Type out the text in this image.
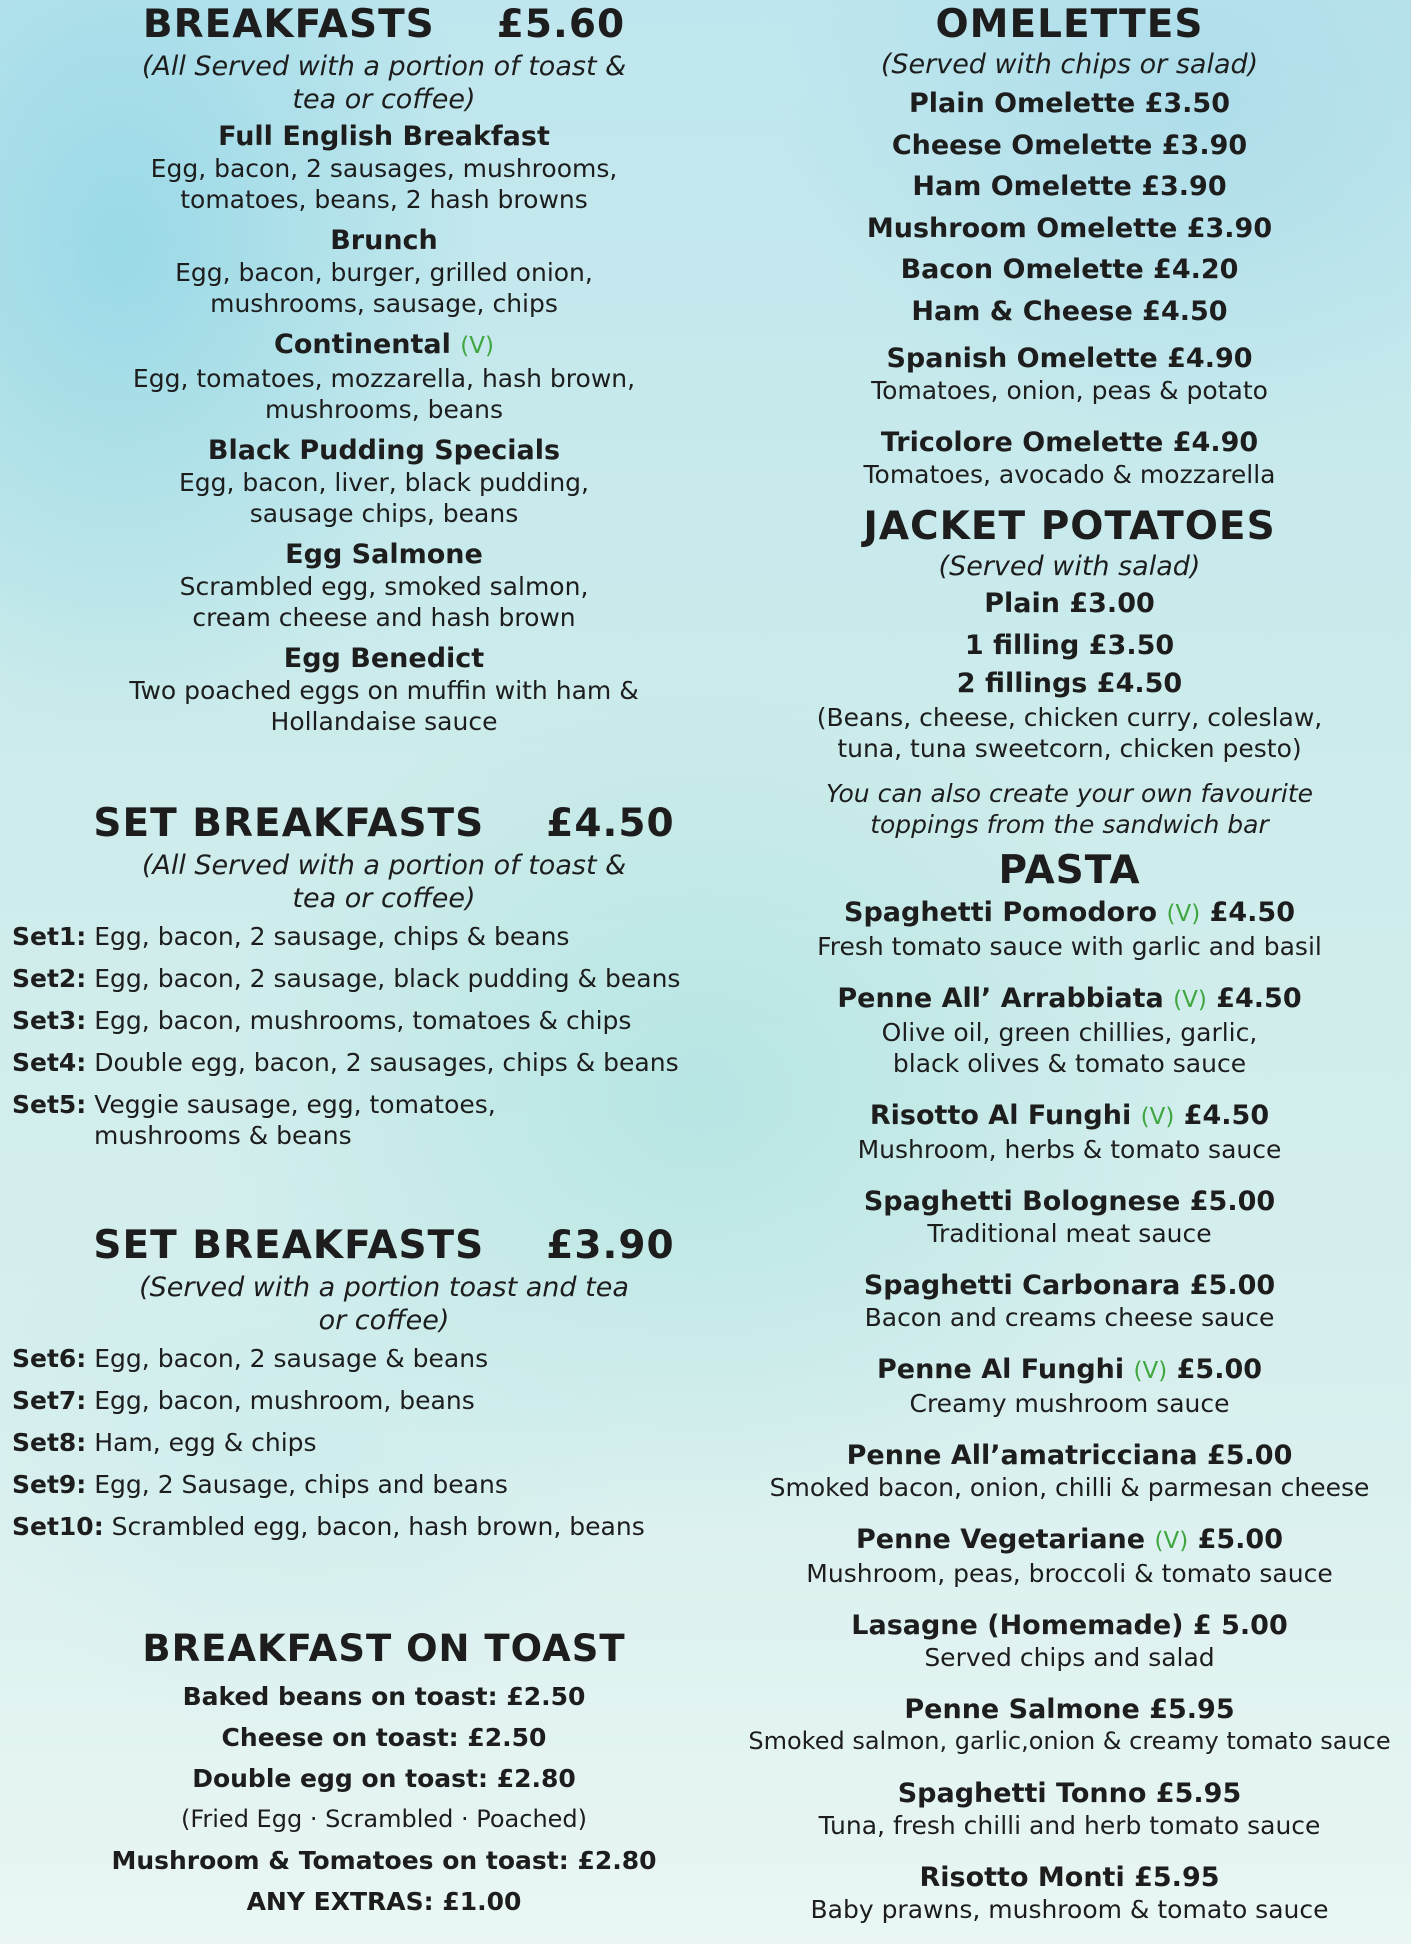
BREAKFASTS £5.60
(All Served with a portion of toast & tea or coffee)
Full English Breakfast
Egg, bacon, 2 sausages, mushrooms, tomatoes, beans, 2 hash browns
Brunch
Egg, bacon, burger, grilled onion, mushrooms, sausage, chips
Continental (V)
Egg, tomatoes, mozzarella, hash brown, mushrooms, beans
Black Pudding Specials
Egg, bacon, liver, black pudding, sausage chips, beans
Egg Salmone
Scrambled egg, smoked salmon, cream cheese and hash brown
Egg Benedict
Two poached eggs on muffin with ham & Hollandaise sauce
SET BREAKFASTS £4.50
(All Served with a portion of toast & tea or coffee)
Set1: Egg, bacon, 2 sausage, chips & beans
Set2: Egg, bacon, 2 sausage, black pudding & beans
Set3: Egg, bacon, mushrooms, tomatoes & chips
Set4: Double egg, bacon, 2 sausages, chips & beans
Set5: Veggie sausage, egg, tomatoes,
mushrooms & beans
SET BREAKFASTS £3.90
(Served with a portion toast and tea or coffee)
Set6: Egg, bacon, 2 sausage & beans
Set7: Egg, bacon, mushroom, beans
Set8: Ham, egg & chips
Set9: Egg, 2 Sausage, chips and beans
Set10: Scrambled egg, bacon, hash brown, beans
BREAKFAST ON TOAST
Baked beans on toast: £2.50
Cheese on toast: £2.50
Double egg on toast: £2.80
(Fried Egg · Scrambled · Poached)
Mushroom & Tomatoes on toast: £2.80
ANY EXTRAS: £1.00
OMELETTES
(Served with chips or salad)
Plain Omelette £3.50
Cheese Omelette £3.90
Ham Omelette £3.90
Mushroom Omelette £3.90
Bacon Omelette £4.20
Ham & Cheese £4.50
Spanish Omelette £4.90
Tomatoes, onion, peas & potato
Tricolore Omelette £4.90
Tomatoes, avocado & mozzarella
JACKET POTATOES
(Served with salad)
Plain £3.00
1 filling £3.50
2 fillings £4.50
(Beans, cheese, chicken curry, coleslaw, tuna, tuna sweetcorn, chicken pesto)
You can also create your own favourite toppings from the sandwich bar
PASTA
Spaghetti Pomodoro (V) £4.50
Fresh tomato sauce with garlic and basil
Penne All’ Arrabbiata (V) £4.50
Olive oil, green chillies, garlic, black olives & tomato sauce
Risotto Al Funghi (V) £4.50
Mushroom, herbs & tomato sauce
Spaghetti Bolognese £5.00
Traditional meat sauce
Spaghetti Carbonara £5.00
Bacon and creams cheese sauce
Penne Al Funghi (V) £5.00
Creamy mushroom sauce
Penne All’amatricciana £5.00
Smoked bacon, onion, chilli & parmesan cheese
Penne Vegetariane (V) £5.00
Mushroom, peas, broccoli & tomato sauce
Lasagne (Homemade) £ 5.00
Served chips and salad
Penne Salmone £5.95
Smoked salmon, garlic,onion & creamy tomato sauce
Spaghetti Tonno £5.95
Tuna, fresh chilli and herb tomato sauce
Risotto Monti £5.95
Baby prawns, mushroom & tomato sauce
